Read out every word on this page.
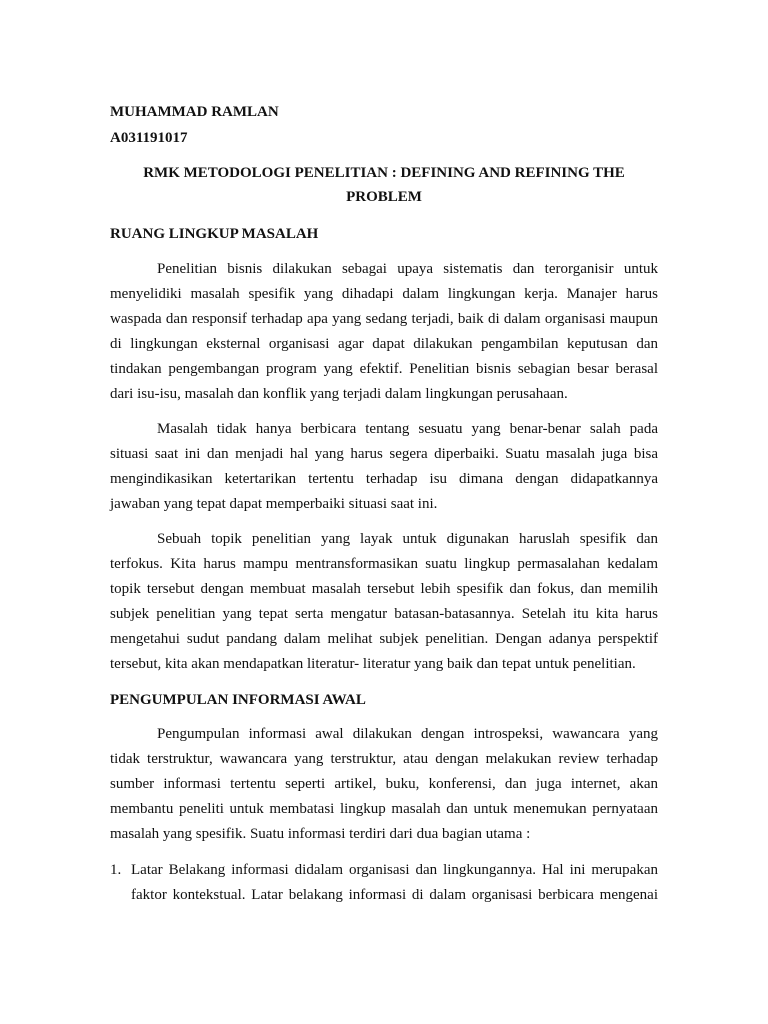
MUHAMMAD RAMLAN
A031191017
RMK METODOLOGI PENELITIAN : DEFINING AND REFINING THE
PROBLEM
RUANG LINGKUP MASALAH
Penelitian bisnis dilakukan sebagai upaya sistematis dan terorganisir untuk
menyelidiki masalah spesifik yang dihadapi dalam lingkungan kerja. Manajer harus
waspada dan responsif terhadap apa yang sedang terjadi, baik di dalam organisasi maupun
di lingkungan eksternal organisasi agar dapat dilakukan pengambilan keputusan dan
tindakan pengembangan program yang efektif. Penelitian bisnis sebagian besar berasal
dari isu-isu, masalah dan konflik yang terjadi dalam lingkungan perusahaan.
Masalah tidak hanya berbicara tentang sesuatu yang benar-benar salah pada
situasi saat ini dan menjadi hal yang harus segera diperbaiki. Suatu masalah juga bisa
mengindikasikan ketertarikan tertentu terhadap isu dimana dengan didapatkannya
jawaban yang tepat dapat memperbaiki situasi saat ini.
Sebuah topik penelitian yang layak untuk digunakan haruslah spesifik dan
terfokus. Kita harus mampu mentransformasikan suatu lingkup permasalahan kedalam
topik tersebut dengan membuat masalah tersebut lebih spesifik dan fokus, dan memilih
subjek penelitian yang tepat serta mengatur batasan-batasannya. Setelah itu kita harus
mengetahui sudut pandang dalam melihat subjek penelitian. Dengan adanya perspektif
tersebut, kita akan mendapatkan literatur- literatur yang baik dan tepat untuk penelitian.
PENGUMPULAN INFORMASI AWAL
Pengumpulan informasi awal dilakukan dengan introspeksi, wawancara yang
tidak terstruktur, wawancara yang terstruktur, atau dengan melakukan review terhadap
sumber informasi tertentu seperti artikel, buku, konferensi, dan juga internet, akan
membantu peneliti untuk membatasi lingkup masalah dan untuk menemukan pernyataan
masalah yang spesifik. Suatu informasi terdiri dari dua bagian utama :
1. Latar Belakang informasi didalam organisasi dan lingkungannya. Hal ini merupakan
faktor kontekstual. Latar belakang informasi di dalam organisasi berbicara mengenai
